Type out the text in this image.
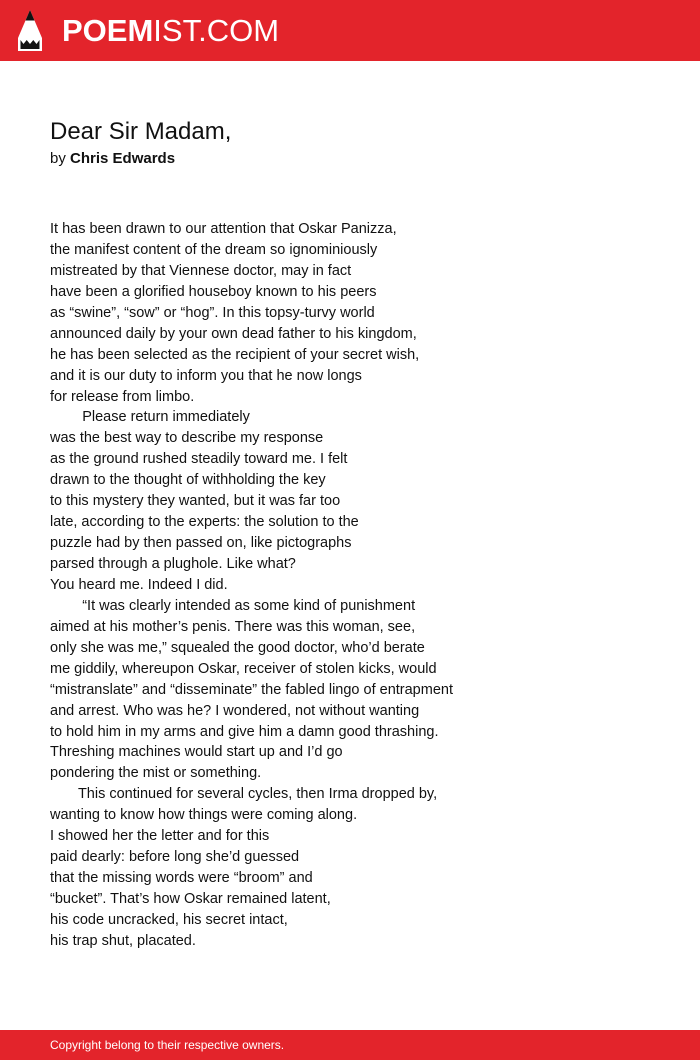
POEMIST.COM
Dear Sir Madam,
by Chris Edwards
It has been drawn to our attention that Oskar Panizza,
the manifest content of the dream so ignominiously
mistreated by that Viennese doctor, may in fact
have been a glorified houseboy known to his peers
as “swine”, “sow” or “hog”. In this topsy-turvy world
announced daily by your own dead father to his kingdom,
he has been selected as the recipient of your secret wish,
and it is our duty to inform you that he now longs
for release from limbo.
Please return immediately
was the best way to describe my response
as the ground rushed steadily toward me. I felt
drawn to the thought of withholding the key
to this mystery they wanted, but it was far too
late, according to the experts: the solution to the
puzzle had by then passed on, like pictographs
parsed through a plughole. Like what?
You heard me. Indeed I did.
“It was clearly intended as some kind of punishment
aimed at his mother’s penis. There was this woman, see,
only she was me,” squealed the good doctor, who’d berate
me giddily, whereupon Oskar, receiver of stolen kicks, would
“mistranslate” and “disseminate” the fabled lingo of entrapment
and arrest. Who was he? I wondered, not without wanting
to hold him in my arms and give him a damn good thrashing.
Threshing machines would start up and I’d go
pondering the mist or something.
This continued for several cycles, then Irma dropped by,
wanting to know how things were coming along.
I showed her the letter and for this
paid dearly: before long she’d guessed
that the missing words were “broom” and
“bucket”. That’s how Oskar remained latent,
his code uncracked, his secret intact,
his trap shut, placated.
Copyright belong to their respective owners.
